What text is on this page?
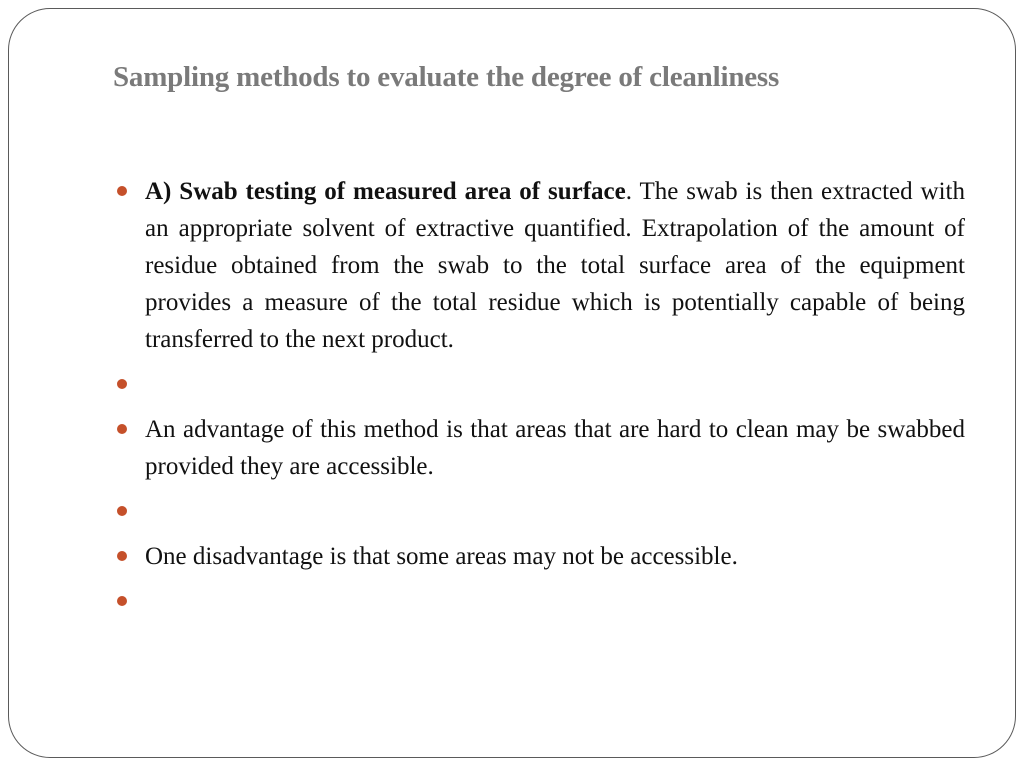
Sampling methods to evaluate the degree of cleanliness
A) Swab testing of measured area of surface. The swab is then extracted with an appropriate solvent of extractive quantified. Extrapolation of the amount of residue obtained from the swab to the total surface area of the equipment provides a measure of the total residue which is potentially capable of being transferred to the next product.
An advantage of this method is that areas that are hard to clean may be swabbed provided they are accessible.
One disadvantage is that some areas may not be accessible.
